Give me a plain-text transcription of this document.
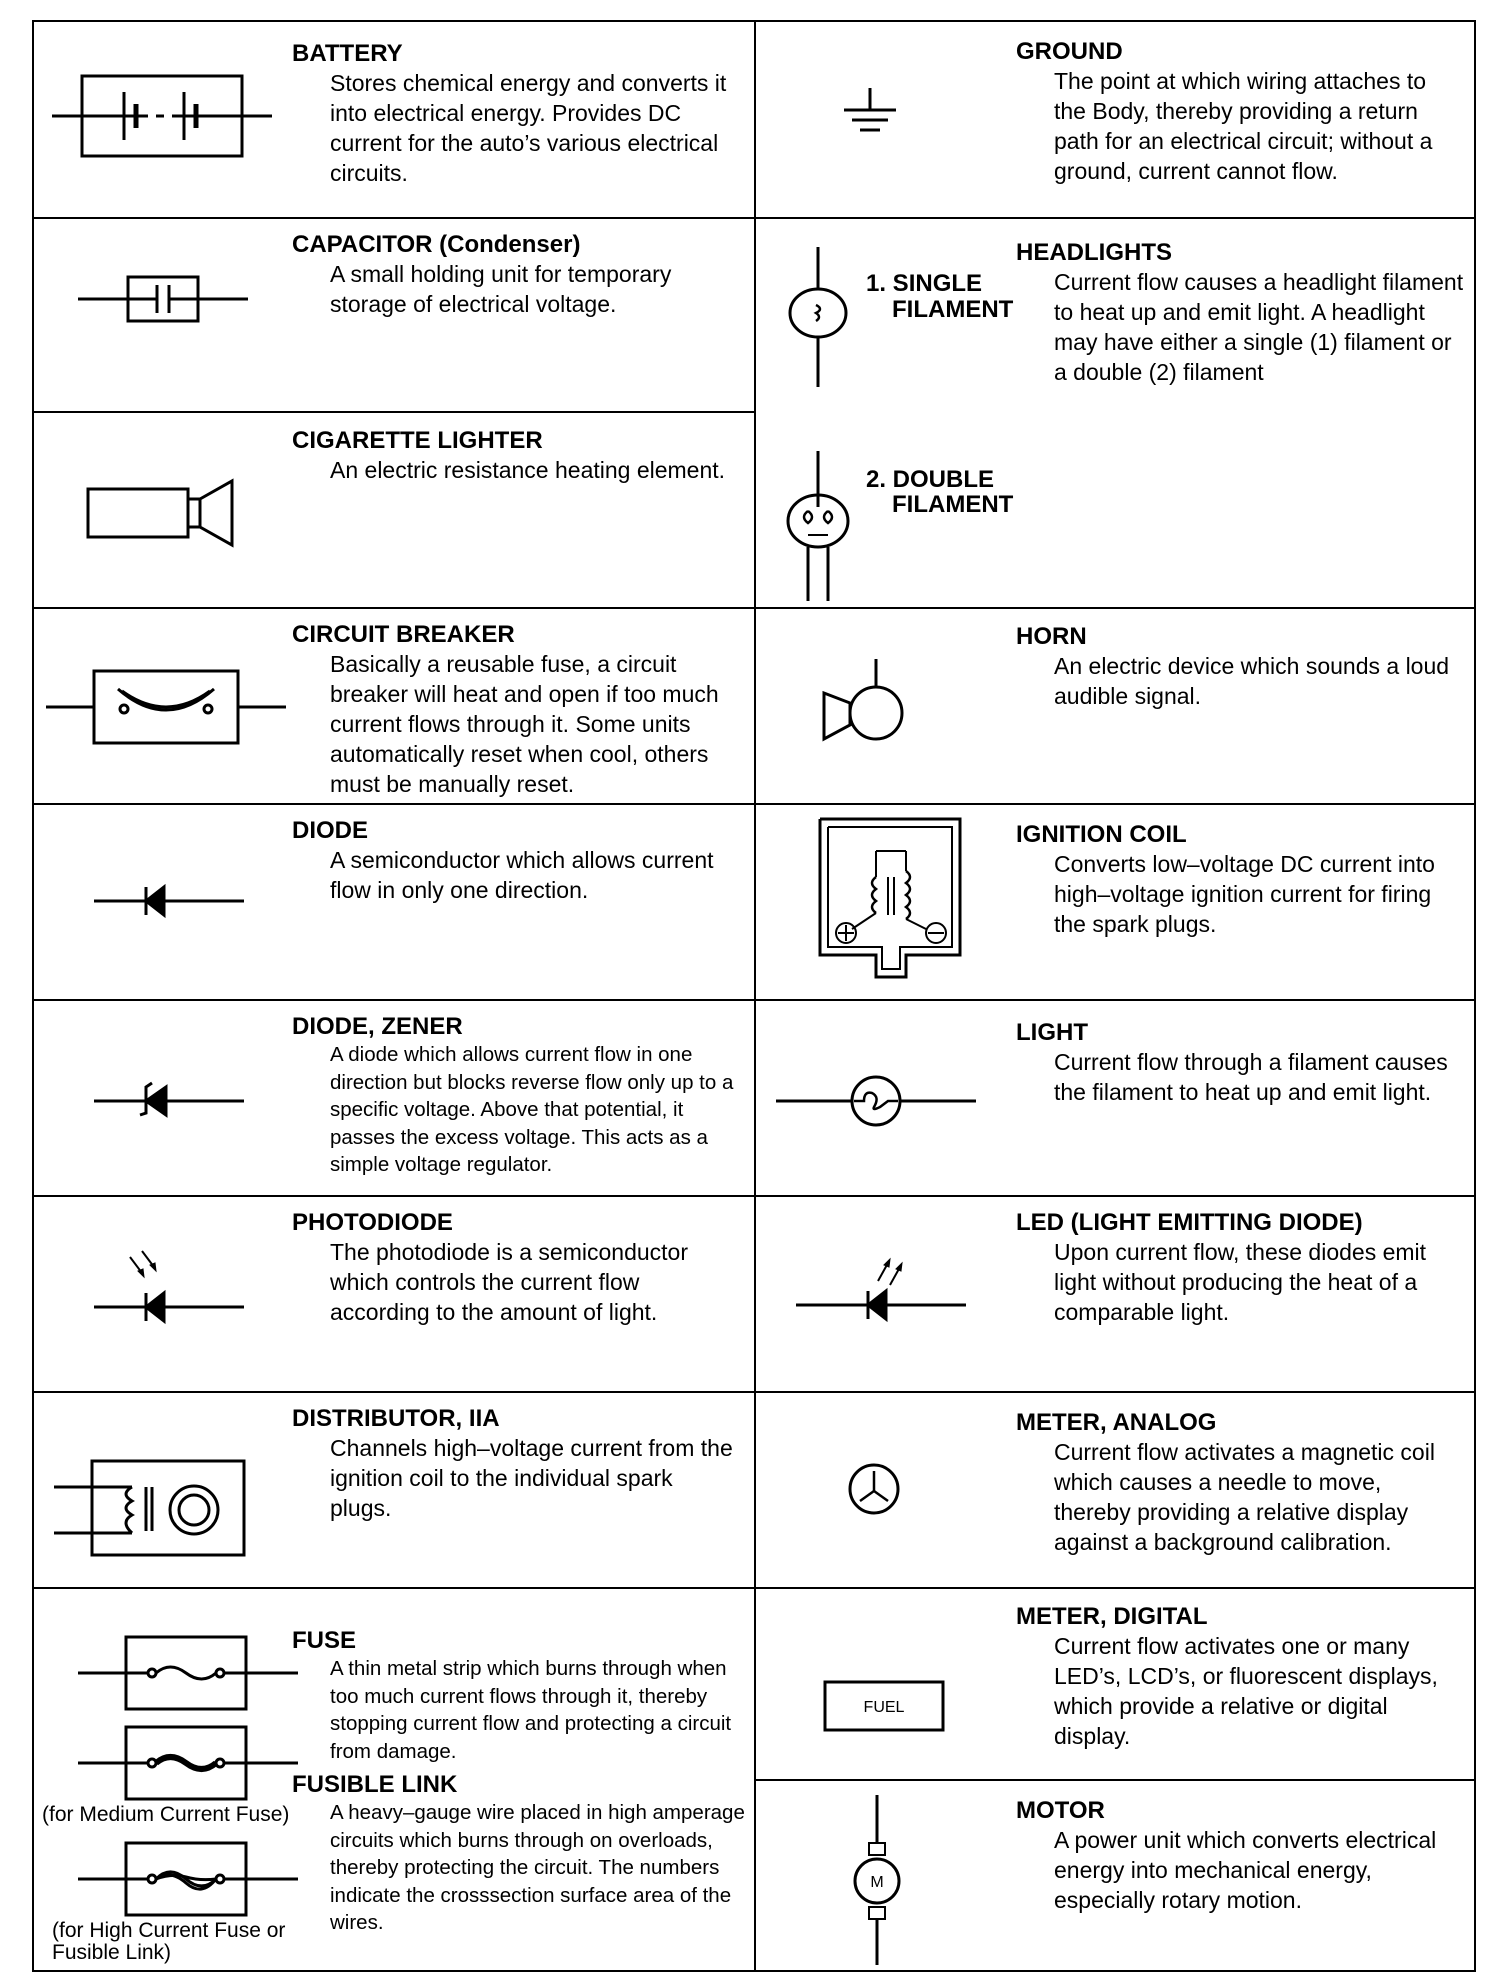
BATTERY
Stores chemical energy and converts it into electrical energy. Provides DC current for the auto’s various electrical circuits.
CAPACITOR (Condenser)
A small holding unit for temporary storage of electrical voltage.
CIGARETTE LIGHTER
An electric resistance heating element.
CIRCUIT BREAKER
Basically a reusable fuse, a circuit breaker will heat and open if too much current flows through it. Some units automatically reset when cool, others must be manually reset.
DIODE
A semiconductor which allows current flow in only one direction.
DIODE, ZENER
A diode which allows current flow in one direction but blocks reverse flow only up to a specific voltage. Above that potential, it passes the excess voltage. This acts as a simple voltage regulator.
PHOTODIODE
The photodiode is a semiconductor which controls the current flow according to the amount of light.
DISTRIBUTOR, IIA
Channels high–voltage current from the ignition coil to the individual spark plugs.
(for Medium Current Fuse)
(for High Current Fuse or
Fusible Link)
FUSE
A thin metal strip which burns through when too much current flows through it, thereby stopping current flow and protecting a circuit from damage.
FUSIBLE LINK
A heavy–gauge wire placed in high amperage circuits which burns through on overloads, thereby protecting the circuit. The numbers indicate the crosssection surface area of the wires.
GROUND
The point at which wiring attaches to the Body, thereby providing a return path for an electrical circuit; without a ground, current cannot flow.
1. SINGLE
FILAMENT
2. DOUBLE
FILAMENT
HEADLIGHTS
Current flow causes a headlight filament to heat up and emit light. A headlight may have either a single (1) filament or a double (2) filament
HORN
An electric device which sounds a loud audible signal.
IGNITION COIL
Converts low–voltage DC current into high–voltage ignition current for firing the spark plugs.
LIGHT
Current flow through a filament causes the filament to heat up and emit light.
LED (LIGHT EMITTING DIODE)
Upon current flow, these diodes emit light without producing the heat of a comparable light.
METER, ANALOG
Current flow activates a magnetic coil which causes a needle to move, thereby providing a relative display against a background calibration.
FUEL
METER, DIGITAL
Current flow activates one or many LED’s, LCD’s, or fluorescent displays, which provide a relative or digital display.
M
MOTOR
A power unit which converts electrical energy into mechanical energy, especially rotary motion.
